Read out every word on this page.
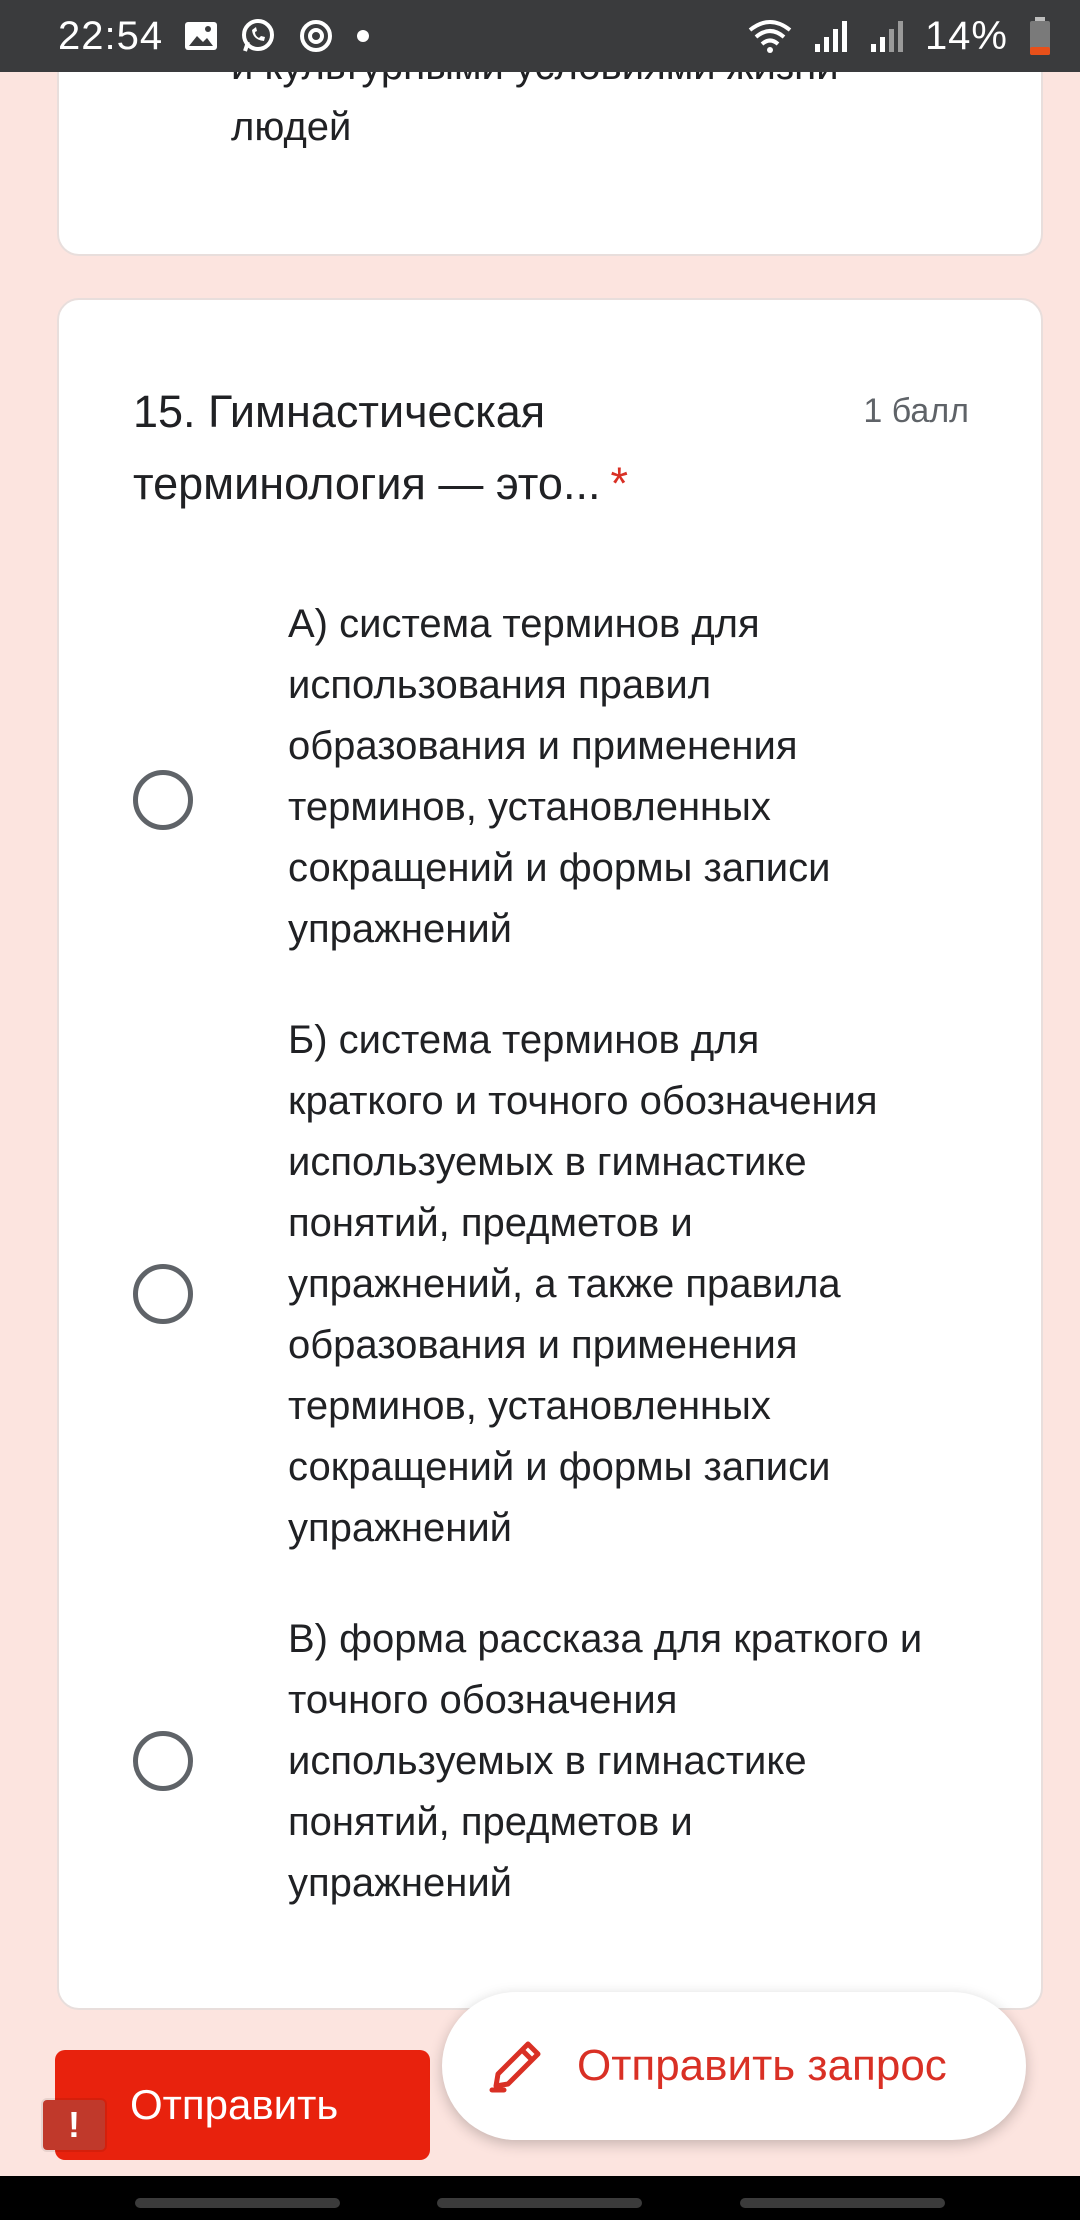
22:54	14%
людей
15. Гимнастическая
терминология — это... *
1 балл
А) система терминов для
использования правил
образования и применения
терминов, установленных
сокращений и формы записи
упражнений
Б) система терминов для
краткого и точного обозначения
используемых в гимнастике
понятий, предметов и
упражнений, а также правила
образования и применения
терминов, установленных
сокращений и формы записи
упражнений
В) форма рассказа для краткого и
точного обозначения
используемых в гимнастике
понятий, предметов и
упражнений
Отправить
!
Отправить запрос
